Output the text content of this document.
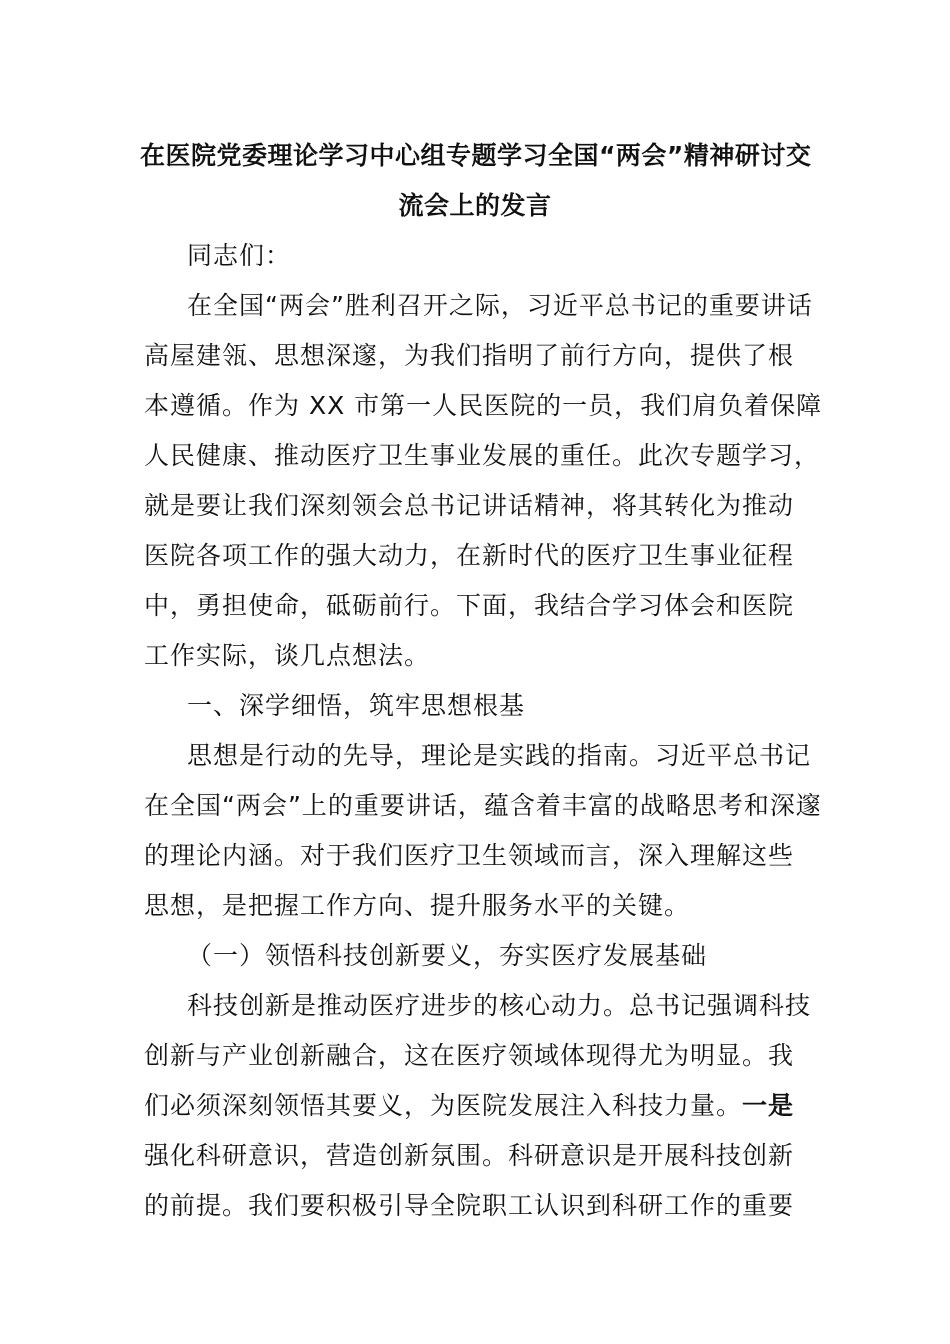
在医院党委理论学习中心组专题学习全国“两会”精神研讨交
流会上的发言
同志们：
在全国“两会”胜利召开之际，习近平总书记的重要讲话
高屋建瓴、思想深邃，为我们指明了前行方向，提供了根
本遵循。作为 XX 市第一人民医院的一员，我们肩负着保障
人民健康、推动医疗卫生事业发展的重任。此次专题学习，
就是要让我们深刻领会总书记讲话精神，将其转化为推动
医院各项工作的强大动力，在新时代的医疗卫生事业征程
中，勇担使命，砥砺前行。下面，我结合学习体会和医院
工作实际，谈几点想法。
一、深学细悟，筑牢思想根基
思想是行动的先导，理论是实践的指南。习近平总书记
在全国“两会”上的重要讲话，蕴含着丰富的战略思考和深邃
的理论内涵。对于我们医疗卫生领域而言，深入理解这些
思想，是把握工作方向、提升服务水平的关键。
（一）领悟科技创新要义，夯实医疗发展基础
科技创新是推动医疗进步的核心动力。总书记强调科技
创新与产业创新融合，这在医疗领域体现得尤为明显。我
们必须深刻领悟其要义，为医院发展注入科技力量。一是
强化科研意识，营造创新氛围。科研意识是开展科技创新
的前提。我们要积极引导全院职工认识到科研工作的重要
